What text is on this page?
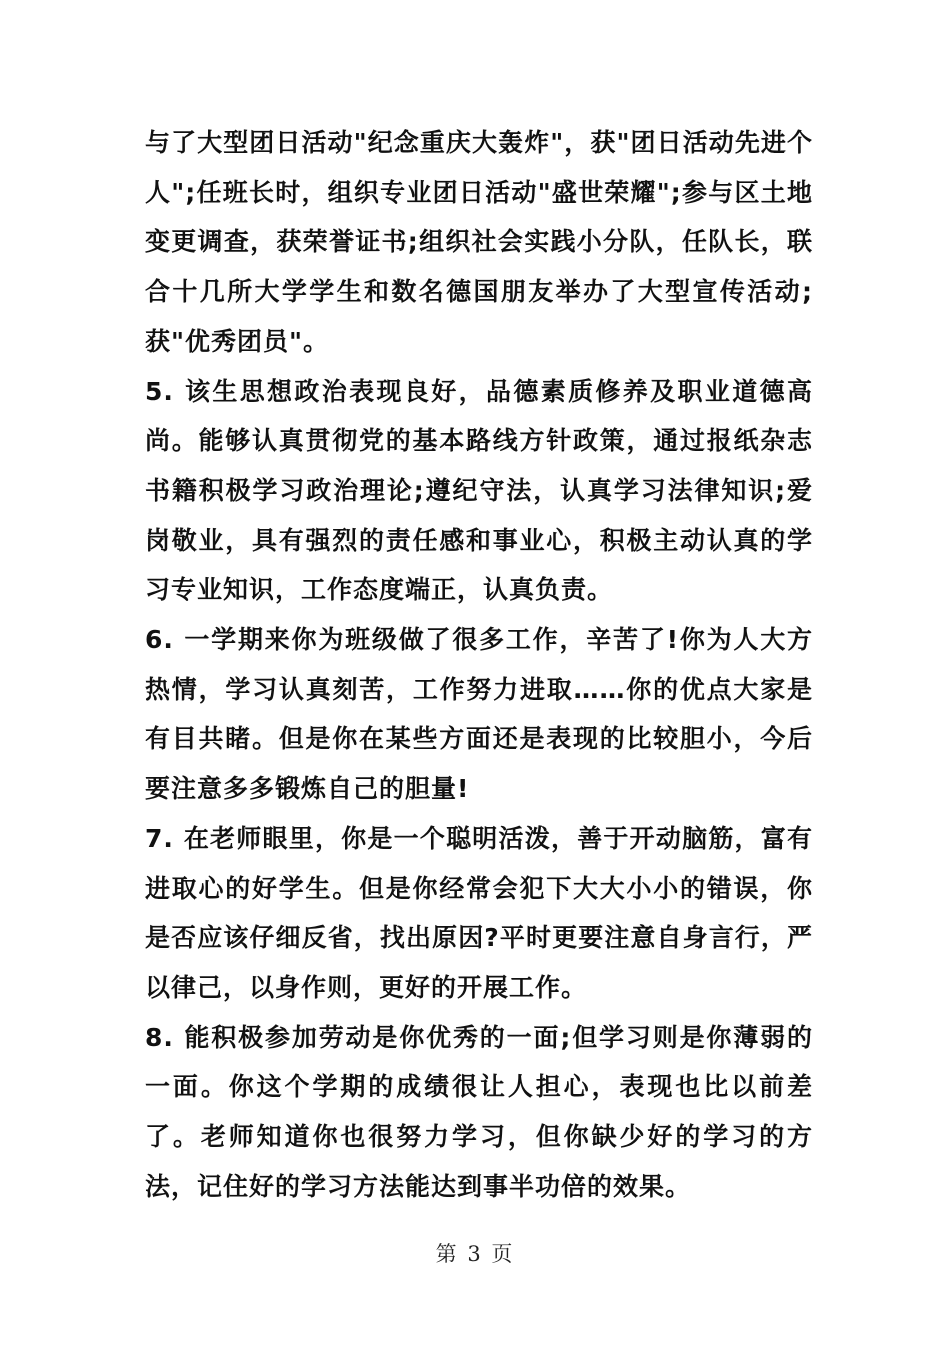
与了大型团日活动"纪念重庆大轰炸"，获"团日活动先进个人";任班长时，组织专业团日活动"盛世荣耀";参与区土地变更调查，获荣誉证书;组织社会实践小分队，任队长，联合十几所大学学生和数名德国朋友举办了大型宣传活动;获"优秀团员"。

5. 该生思想政治表现良好，品德素质修养及职业道德高尚。能够认真贯彻党的基本路线方针政策，通过报纸杂志书籍积极学习政治理论;遵纪守法，认真学习法律知识;爱岗敬业，具有强烈的责任感和事业心，积极主动认真的学习专业知识，工作态度端正，认真负责。

6. 一学期来你为班级做了很多工作，辛苦了!你为人大方热情，学习认真刻苦，工作努力进取……你的优点大家是有目共睹。但是你在某些方面还是表现的比较胆小，今后要注意多多锻炼自己的胆量!

7. 在老师眼里，你是一个聪明活泼，善于开动脑筋，富有进取心的好学生。但是你经常会犯下大大小小的错误，你是否应该仔细反省，找出原因?平时更要注意自身言行，严以律己，以身作则，更好的开展工作。

8. 能积极参加劳动是你优秀的一面;但学习则是你薄弱的一面。你这个学期的成绩很让人担心，表现也比以前差了。老师知道你也很努力学习，但你缺少好的学习的方法，记住好的学习方法能达到事半功倍的效果。

第 3 页
